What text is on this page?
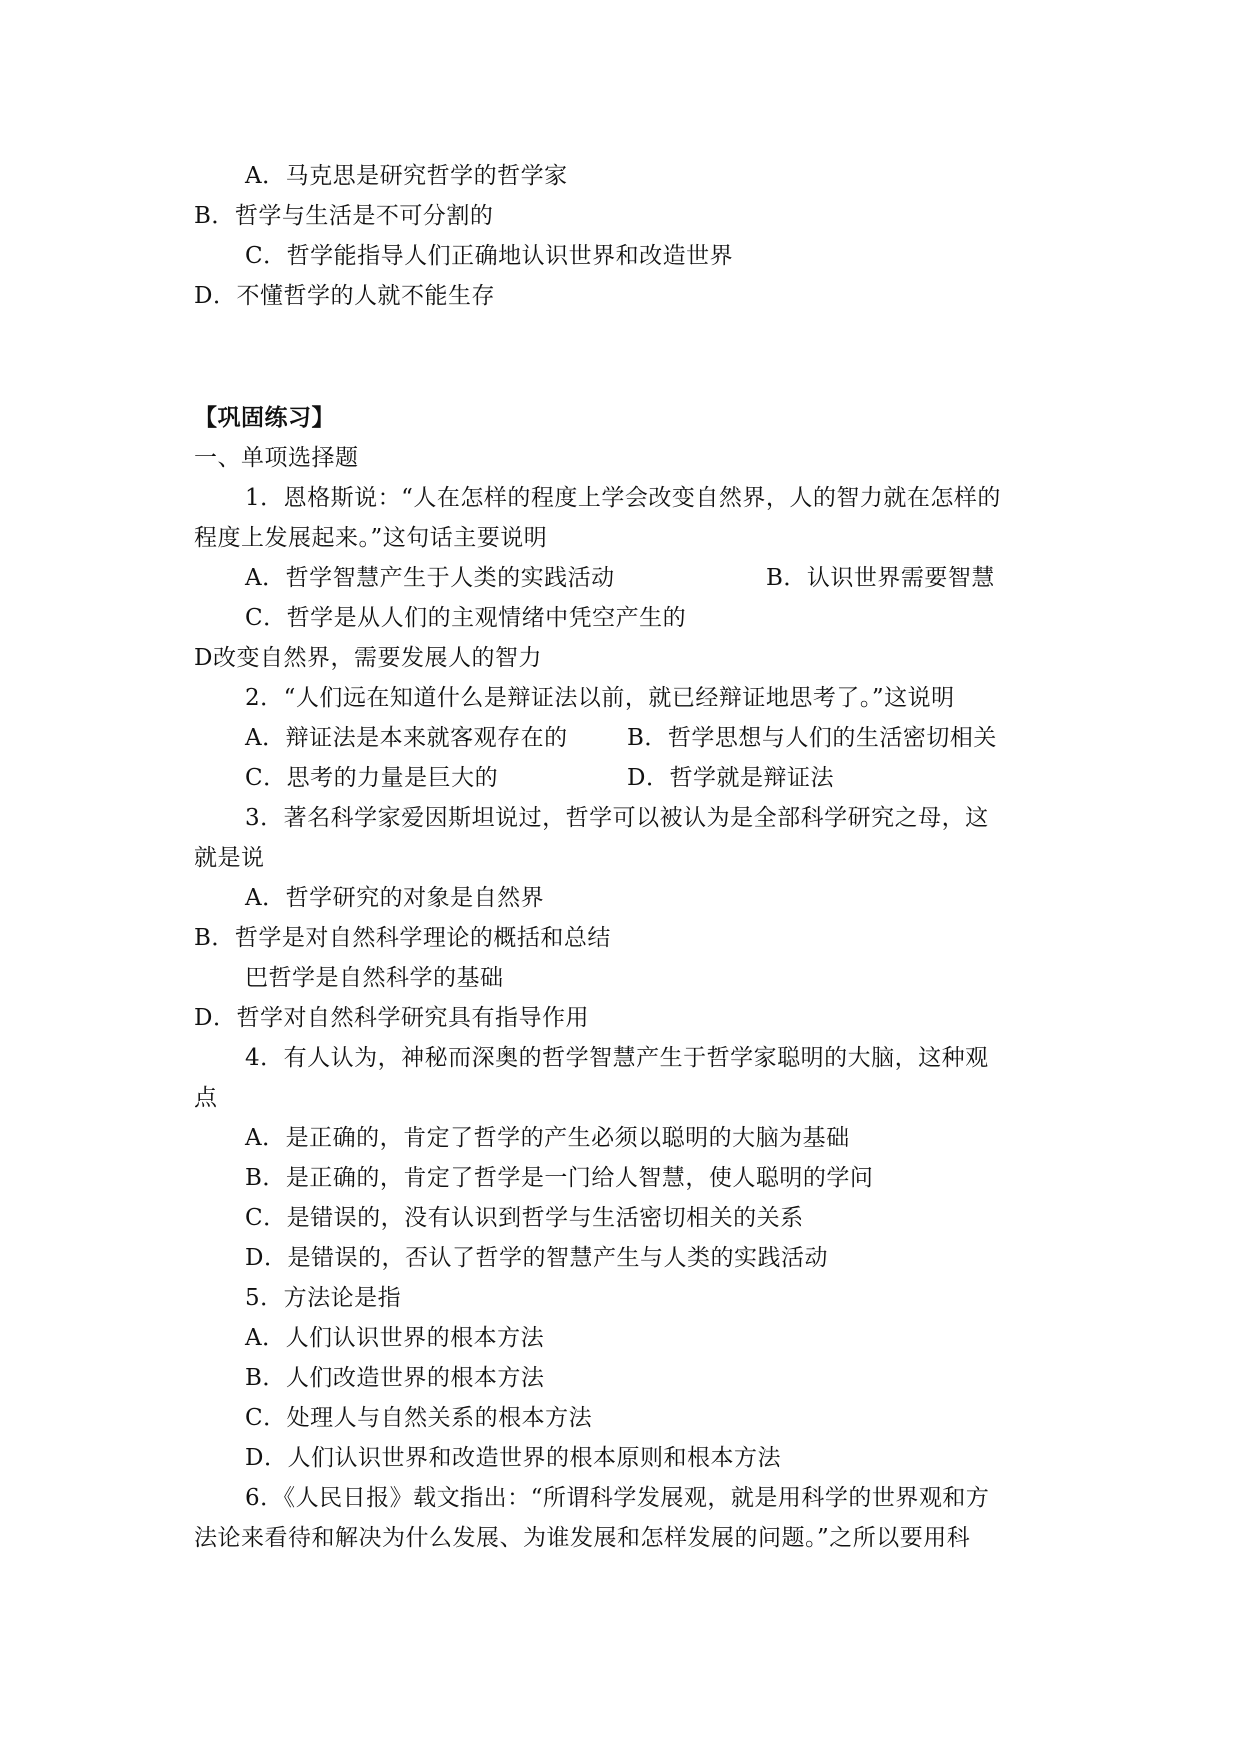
A．马克思是研究哲学的哲学家
B．哲学与生活是不可分割的
C．哲学能指导人们正确地认识世界和改造世界
D．不懂哲学的人就不能生存
【巩固练习】
一、单项选择题
1．恩格斯说：“人在怎样的程度上学会改变自然界，人的智力就在怎样的
程度上发展起来。”这句话主要说明
A．哲学智慧产生于人类的实践活动	B．认识世界需要智慧
C．哲学是从人们的主观情绪中凭空产生的
D改变自然界，需要发展人的智力
2．“人们远在知道什么是辩证法以前，就已经辩证地思考了。”这说明
A．辩证法是本来就客观存在的	B．哲学思想与人们的生活密切相关
C．思考的力量是巨大的	D．哲学就是辩证法
3．著名科学家爱因斯坦说过，哲学可以被认为是全部科学研究之母，这
就是说
A．哲学研究的对象是自然界
B．哲学是对自然科学理论的概括和总结
巴哲学是自然科学的基础
D．哲学对自然科学研究具有指导作用
4．有人认为，神秘而深奥的哲学智慧产生于哲学家聪明的大脑，这种观
点
A．是正确的，肯定了哲学的产生必须以聪明的大脑为基础
B．是正确的，肯定了哲学是一门给人智慧，使人聪明的学问
C．是错误的，没有认识到哲学与生活密切相关的关系
D．是错误的，否认了哲学的智慧产生与人类的实践活动
5．方法论是指
A．人们认识世界的根本方法
B．人们改造世界的根本方法
C．处理人与自然关系的根本方法
D．人们认识世界和改造世界的根本原则和根本方法
6．《人民日报》载文指出：“所谓科学发展观，就是用科学的世界观和方
法论来看待和解决为什么发展、为谁发展和怎样发展的问题。”之所以要用科
